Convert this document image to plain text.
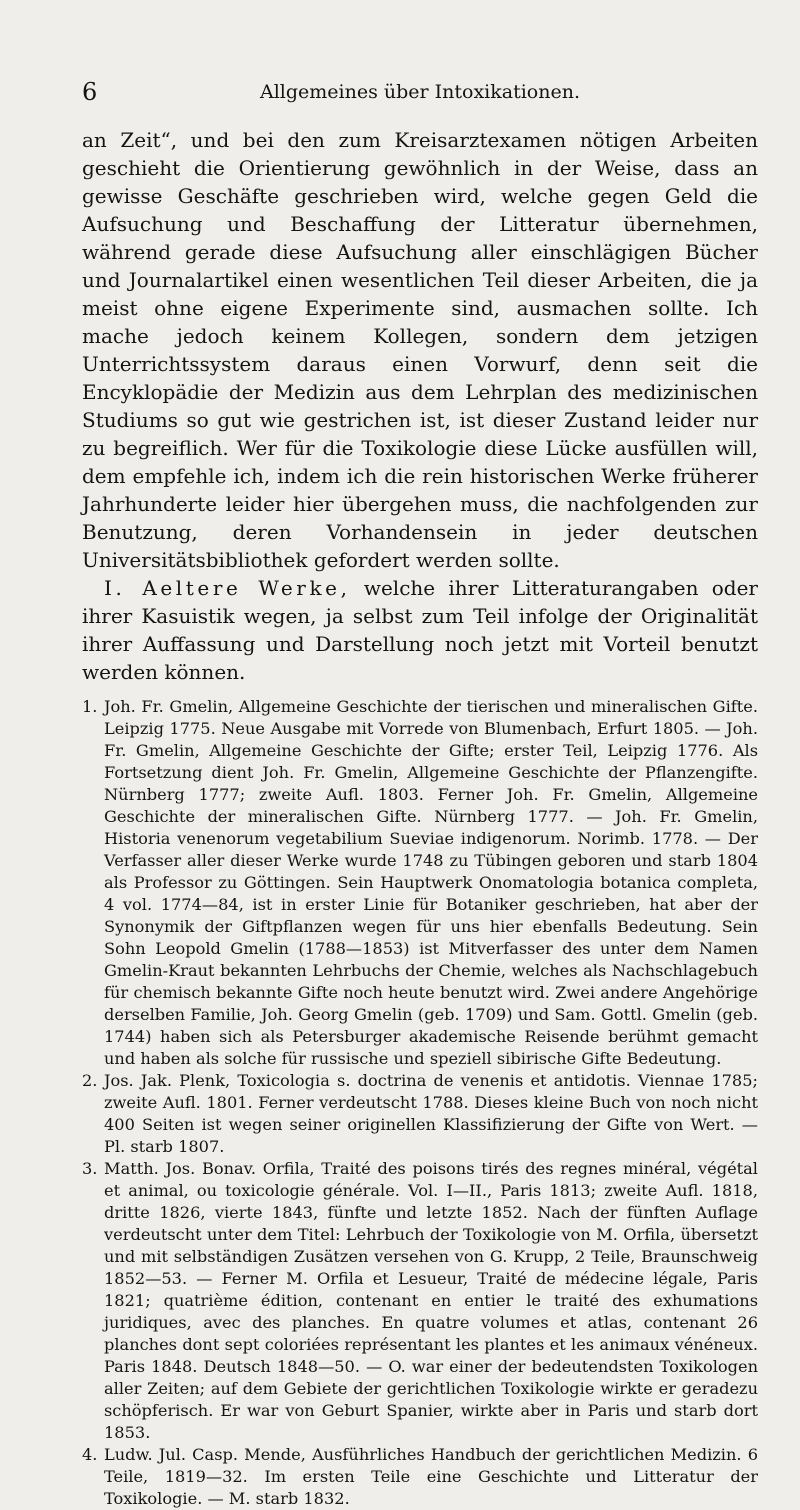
6	Allgemeines über Intoxikationen.

an Zeit“, und bei den zum Kreisarztexamen nötigen Arbeiten geschieht die Orientierung gewöhnlich in der Weise, dass an gewisse Geschäfte geschrieben wird, welche gegen Geld die Aufsuchung und Beschaffung der Litteratur übernehmen, während gerade diese Aufsuchung aller einschlägigen Bücher und Journalartikel einen wesentlichen Teil dieser Arbeiten, die ja meist ohne eigene Experimente sind, ausmachen sollte. Ich mache jedoch keinem Kollegen, sondern dem jetzigen Unterrichtssystem daraus einen Vorwurf, denn seit die Encyklopädie der Medizin aus dem Lehrplan des medizinischen Studiums so gut wie gestrichen ist, ist dieser Zustand leider nur zu begreiflich. Wer für die Toxikologie diese Lücke ausfüllen will, dem empfehle ich, indem ich die rein historischen Werke früherer Jahrhunderte leider hier übergehen muss, die nachfolgenden zur Benutzung, deren Vorhandensein in jeder deutschen Universitätsbibliothek gefordert werden sollte.

I. Aeltere Werke, welche ihrer Litteraturangaben oder ihrer Kasuistik wegen, ja selbst zum Teil infolge der Originalität ihrer Auffassung und Darstellung noch jetzt mit Vorteil benutzt werden können.

1. Joh. Fr. Gmelin, Allgemeine Geschichte der tierischen und mineralischen Gifte. Leipzig 1775. Neue Ausgabe mit Vorrede von Blumenbach, Erfurt 1805. — Joh. Fr. Gmelin, Allgemeine Geschichte der Gifte; erster Teil, Leipzig 1776. Als Fortsetzung dient Joh. Fr. Gmelin, Allgemeine Geschichte der Pflanzengifte. Nürnberg 1777; zweite Aufl. 1803. Ferner Joh. Fr. Gmelin, Allgemeine Geschichte der mineralischen Gifte. Nürnberg 1777. — Joh. Fr. Gmelin, Historia venenorum vegetabilium Sueviae indigenorum. Norimb. 1778. — Der Verfasser aller dieser Werke wurde 1748 zu Tübingen geboren und starb 1804 als Professor zu Göttingen. Sein Hauptwerk Onomatologia botanica completa, 4 vol. 1774—84, ist in erster Linie für Botaniker geschrieben, hat aber der Synonymik der Giftpflanzen wegen für uns hier ebenfalls Bedeutung. Sein Sohn Leopold Gmelin (1788—1853) ist Mitverfasser des unter dem Namen Gmelin-Kraut bekannten Lehrbuchs der Chemie, welches als Nachschlagebuch für chemisch bekannte Gifte noch heute benutzt wird. Zwei andere Angehörige derselben Familie, Joh. Georg Gmelin (geb. 1709) und Sam. Gottl. Gmelin (geb. 1744) haben sich als Petersburger akademische Reisende berühmt gemacht und haben als solche für russische und speziell sibirische Gifte Bedeutung.
2. Jos. Jak. Plenk, Toxicologia s. doctrina de venenis et antidotis. Viennae 1785; zweite Aufl. 1801. Ferner verdeutscht 1788. Dieses kleine Buch von noch nicht 400 Seiten ist wegen seiner originellen Klassifizierung der Gifte von Wert. — Pl. starb 1807.
3. Matth. Jos. Bonav. Orfila, Traité des poisons tirés des regnes minéral, végétal et animal, ou toxicologie générale. Vol. I—II., Paris 1813; zweite Aufl. 1818, dritte 1826, vierte 1843, fünfte und letzte 1852. Nach der fünften Auflage verdeutscht unter dem Titel: Lehrbuch der Toxikologie von M. Orfila, übersetzt und mit selbständigen Zusätzen versehen von G. Krupp, 2 Teile, Braunschweig 1852—53. — Ferner M. Orfila et Lesueur, Traité de médecine légale, Paris 1821; quatrième édition, contenant en entier le traité des exhumations juridiques, avec des planches. En quatre volumes et atlas, contenant 26 planches dont sept coloriées représentant les plantes et les animaux vénéneux. Paris 1848. Deutsch 1848—50. — O. war einer der bedeutendsten Toxikologen aller Zeiten; auf dem Gebiete der gerichtlichen Toxikologie wirkte er geradezu schöpferisch. Er war von Geburt Spanier, wirkte aber in Paris und starb dort 1853.
4. Ludw. Jul. Casp. Mende, Ausführliches Handbuch der gerichtlichen Medizin. 6 Teile, 1819—32. Im ersten Teile eine Geschichte und Litteratur der Toxikologie. — M. starb 1832.
